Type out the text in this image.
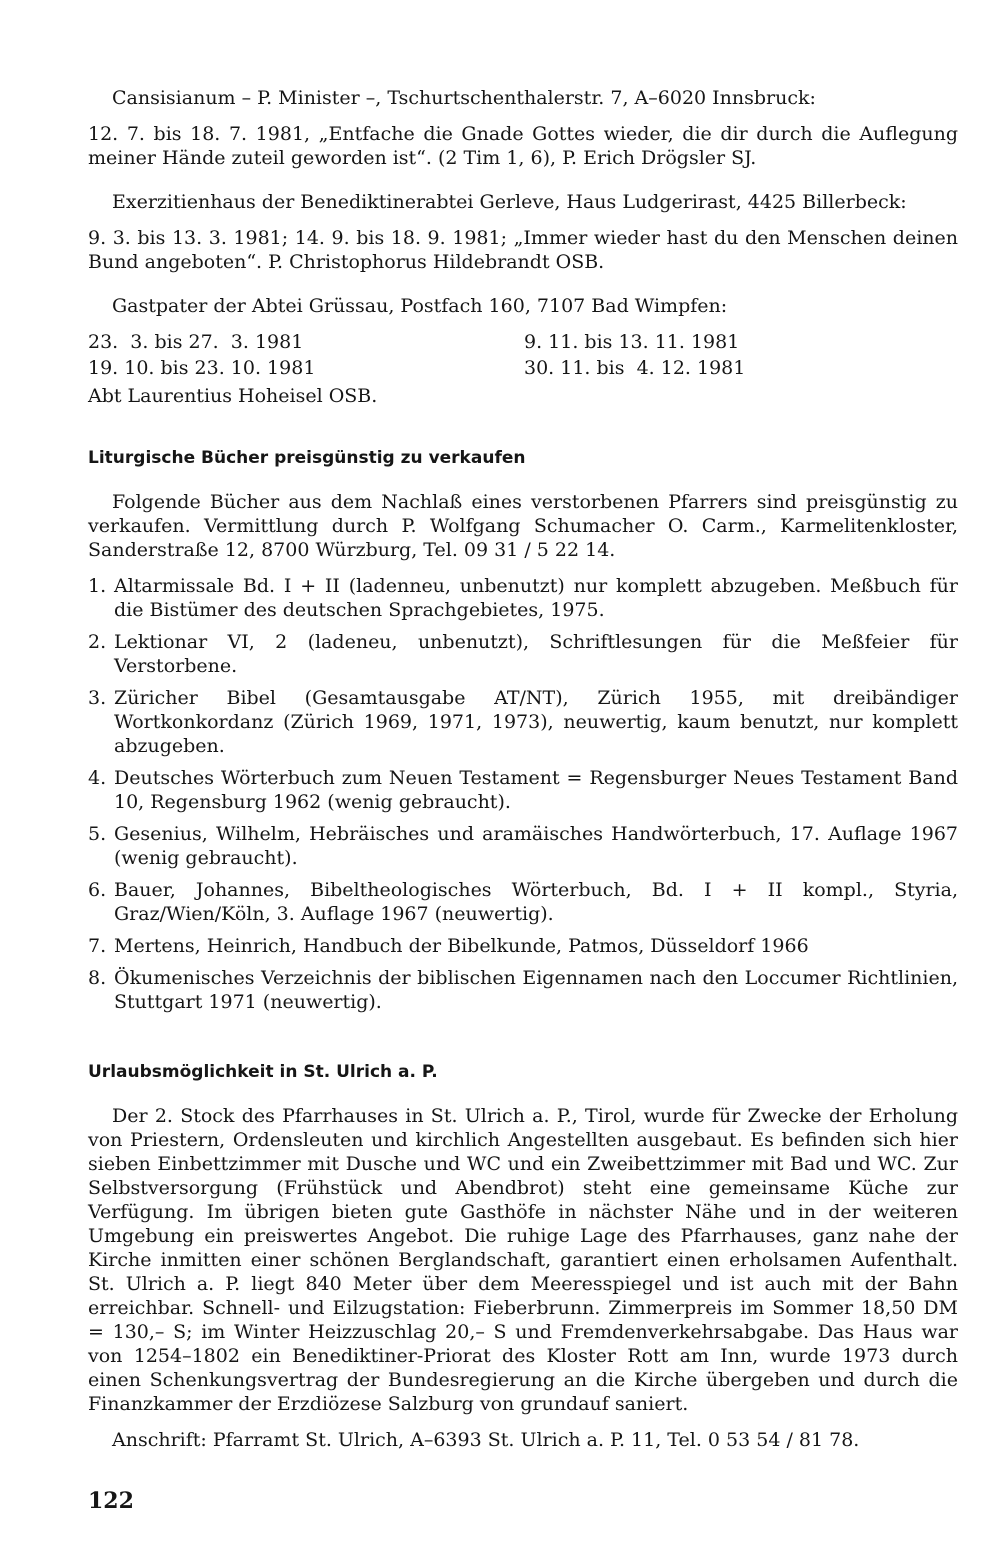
Cansisianum – P. Minister –, Tschurtschenthalerstr. 7, A–6020 Innsbruck:

12. 7. bis 18. 7. 1981, „Entfache die Gnade Gottes wieder, die dir durch die Auflegung meiner Hände zuteil geworden ist“. (2 Tim 1, 6), P. Erich Drögsler SJ.

Exerzitienhaus der Benediktinerabtei Gerleve, Haus Ludgerirast, 4425 Billerbeck:

9. 3. bis 13. 3. 1981; 14. 9. bis 18. 9. 1981; „Immer wieder hast du den Menschen deinen Bund angeboten“. P. Christophorus Hildebrandt OSB.

Gastpater der Abtei Grüssau, Postfach 160, 7107 Bad Wimpfen:

23.  3. bis 27.  3. 1981	9. 11. bis 13. 11. 1981
19. 10. bis 23. 10. 1981	30. 11. bis  4. 12. 1981

Abt Laurentius Hoheisel OSB.

Liturgische Bücher preisgünstig zu verkaufen

Folgende Bücher aus dem Nachlaß eines verstorbenen Pfarrers sind preisgünstig zu verkaufen. Vermittlung durch P. Wolfgang Schumacher O. Carm., Karmelitenkloster, Sanderstraße 12, 8700 Würzburg, Tel. 09 31 / 5 22 14.

1. Altarmissale Bd. I + II (ladenneu, unbenutzt) nur komplett abzugeben. Meßbuch für die Bistümer des deutschen Sprachgebietes, 1975.
2. Lektionar VI, 2 (ladeneu, unbenutzt), Schriftlesungen für die Meßfeier für Verstorbene.
3. Züricher Bibel (Gesamtausgabe AT/NT), Zürich 1955, mit dreibändiger Wortkonkordanz (Zürich 1969, 1971, 1973), neuwertig, kaum benutzt, nur komplett abzugeben.
4. Deutsches Wörterbuch zum Neuen Testament = Regensburger Neues Testament Band 10, Regensburg 1962 (wenig gebraucht).
5. Gesenius, Wilhelm, Hebräisches und aramäisches Handwörterbuch, 17. Auflage 1967 (wenig gebraucht).
6. Bauer, Johannes, Bibeltheologisches Wörterbuch, Bd. I + II kompl., Styria, Graz/Wien/Köln, 3. Auflage 1967 (neuwertig).
7. Mertens, Heinrich, Handbuch der Bibelkunde, Patmos, Düsseldorf 1966
8. Ökumenisches Verzeichnis der biblischen Eigennamen nach den Loccumer Richtlinien, Stuttgart 1971 (neuwertig).
Urlaubsmöglichkeit in St. Ulrich a. P.

Der 2. Stock des Pfarrhauses in St. Ulrich a. P., Tirol, wurde für Zwecke der Erholung von Priestern, Ordensleuten und kirchlich Angestellten ausgebaut. Es befinden sich hier sieben Einbettzimmer mit Dusche und WC und ein Zweibettzimmer mit Bad und WC. Zur Selbstversorgung (Frühstück und Abendbrot) steht eine gemeinsame Küche zur Verfügung. Im übrigen bieten gute Gasthöfe in nächster Nähe und in der weiteren Umgebung ein preiswertes Angebot. Die ruhige Lage des Pfarrhauses, ganz nahe der Kirche inmitten einer schönen Berglandschaft, garantiert einen erholsamen Aufenthalt. St. Ulrich a. P. liegt 840 Meter über dem Meeresspiegel und ist auch mit der Bahn erreichbar. Schnell- und Eilzugstation: Fieberbrunn. Zimmerpreis im Sommer 18,50 DM = 130,– S; im Winter Heizzuschlag 20,– S und Fremdenverkehrsabgabe. Das Haus war von 1254–1802 ein Benediktiner-Priorat des Kloster Rott am Inn, wurde 1973 durch einen Schenkungsvertrag der Bundesregierung an die Kirche übergeben und durch die Finanzkammer der Erzdiözese Salzburg von grundauf saniert.

Anschrift: Pfarramt St. Ulrich, A–6393 St. Ulrich a. P. 11, Tel. 0 53 54 / 81 78.

122
